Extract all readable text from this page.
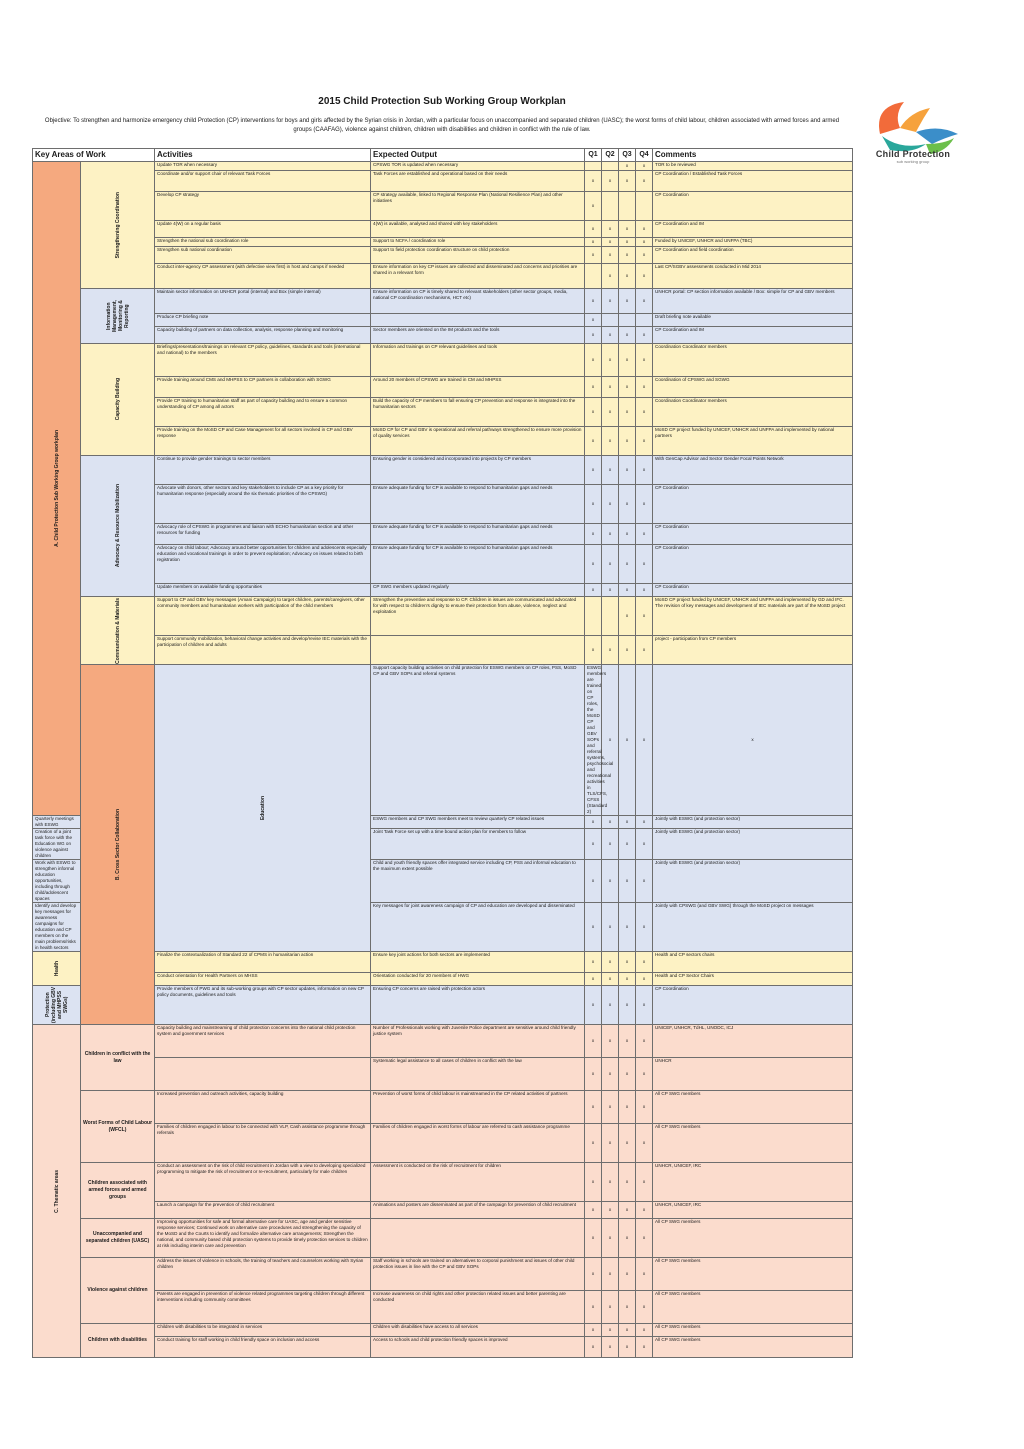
2015 Child Protection Sub Working Group Workplan
Objective: To strengthen and harmonize emergency child Protection (CP) interventions for boys and girls affected by the Syrian crisis in Jordan, with a particular focus on unaccompanied and separated children (UASC); the worst forms of child labour, children associated with armed forces and armed groups (CAAFAG), violence against children, children with disabilities and children in conflict with the rule of law.
Child Protection
sub working group
Key Areas of Work		Activities	Expected Output	Q1	Q2	Q3	Q4	Comments	

A. Child Protection Sub Working Group workplan	Strengthening Coordination	Update TOR when necessary	CPSWG TOR is updated when necessary			x	x	TOR to be reviewed	
		Coordinate and/or support chair of relevant Task Forces	Task Forces are established and operational based on their needs	x	x	x	x	CP Coordination / Established Task Forces	
		Develop CP strategy	CP strategy available, linked to Regional Response Plan (National Resilience Plan) and other initiatives	x				CP Coordination	
		Update 4(W) on a regular basis	4(W) is available, analysed and shared with key stakeholders	x	x	x	x	CP Coordination and IM	
		Strengthen the national sub coordination role	Support to NCFA / coordination role	x	x	x	x	Funded by UNICEF, UNHCR and UNFPA (TBC)	
		Strengthen sub national coordination	Support to field protection coordination structure on child protection	x	x	x	x	CP Coordination and field coordination	
		Conduct inter-agency CP assessment (with defective view first) in host and camps if needed	Ensure information on key CP issues are collected and disseminated and concerns and priorities are shared in a relevant form		x	x	x	Last CP/SGBV assessments conducted in Mid 2014	

	Information Management, Monitoring & Reporting	Maintain sector information on UNHCR portal (internal) and Box (simple internal)	Ensure information on CP is timely shared to relevant stakeholders (other sector groups, media, national CP coordination mechanisms, HCT etc)	x	x	x	x	UNHCR portal: CP section information available / Box: simple for CP and GBV members	
		Produce CP briefing note		x				Draft briefing note available	
		Capacity building of partners on data collection, analysis, response planning and monitoring	Sector members are oriented on the IM products and the tools	x	x	x	x	CP Coordination and IM	

	Capacity Building	Briefings/presentations/trainings on relevant CP policy, guidelines, standards and tools (international and national) to the members	Information and trainings on CP relevant guidelines and tools	x	x	x	x	Coordination Coordinator members	
		Provide training around CMS and MHPSS to CP partners in collaboration with SGWG	Around 20 members of CPSWG are trained in CM and MHPSS	x	x	x	x	Coordination of CPSWG and SGWG	
		Provide CP training to humanitarian staff as part of capacity building and to ensure a common understanding of CP among all actors	Build the capacity of CP members to fall ensuring CP prevention and response is integrated into the humanitarian sectors	x	x	x	x	Coordination Coordinator members	
		Provide training on the MoSD CP and Case Management for all sectors involved in CP and GBV response	MoSD CP for CP and GBV is operational and referral pathways strengthened to ensure more provision of quality services	x	x	x	x	MoSD CP project funded by UNICEF, UNHCR and UNFPA and implemented by national partners	

	Advocacy & Resource Mobilization	Continue to provide gender trainings to sector members	Ensuring gender is considered and incorporated into projects by CP members	x	x	x	x	With GenCap Advisor and Sector Gender Focal Points Network	
		Advocate with donors, other sectors and key stakeholders to include CP as a key priority for humanitarian response (especially around the six thematic priorities of the CPSWG)	Ensure adequate funding for CP is available to respond to humanitarian gaps and needs	x	x	x	x	CP Coordination	
		Advocacy role of CPSWG in programmes and liaison with ECHO humanitarian section and other resources for funding	Ensure adequate funding for CP is available to respond to humanitarian gaps and needs	x	x	x	x	CP Coordination	
		Advocacy on child labour; Advocacy around better opportunities for children and adolescents especially education and vocational trainings in order to prevent exploitation; Advocacy on issues related to birth registration	Ensure adequate funding for CP is available to respond to humanitarian gaps and needs	x	x	x	x	CP Coordination	
		Update members on available funding opportunities	CP SWG members updated regularly	x	x	x	x	CP Coordination	

	Communication & Materials	Support to CP and GBV key messages (Amani Campaign) to target children, parents/caregivers, other community members and humanitarian workers with participation of the child members	Strengthen the preventive and response to CP. Children in issues are communicated and advocated for with respect to children's dignity to ensure their protection from abuse, violence, neglect and exploitation			x	x	MoSD CP project funded by UNICEF, UNHCR and UNFPA and implemented by GD and IFC. The revision of key messages and development of IEC materials are part of the MoSD project	
		Support community mobilization, behavioral change activities and develop/revise IEC materials with the participation of children and adults		x	x	x	x	project - participation from CP members	

	B. Cross Sector Collaboration	Education	Support capacity building activities on child protection for ESWG members on CP roles, PSS, MoSD CP and GBV SOPs and referral systems	ESWG members are trained on CP roles, the MoSD CP and GBV SOPs and referral systems, psychosocial and recreational activities in TLS/CFS, CFSS (Standard 2)	x	x	x	x	
Quarterly meetings with ESWG			ESWG members and CP SWG members meet to review quarterly CP related issues	x	x	x	x	Jointly with ESWG (and protection sector)	
Creation of a joint task force with the Education WG on violence against children			Joint Task Force set up with a time bound action plan for members to follow	x	x	x	x	Jointly with ESWG (and protection sector)	
Work with ESWG to strengthen informal education opportunities, including through child/adolescent spaces			Child and youth friendly spaces offer integrated service including CP, PSS and informal education to the maximum extent possible	x	x	x	x	Jointly with ESWG (and protection sector)	
Identify and develop key messages for awareness campaigns for education and CP members on the main problems/risks in health sectors			Key messages for joint awareness campaign of CP and education are developed and disseminated	x	x	x	x	Jointly with CPSWG (and GBV SWG) through the MoSD project on messages	

Health		Finalize the contextualization of Standard 22 of CPMS in humanitarian action	Ensure key joint actions for both sectors are implemented	x	x	x	x	Health and CP sectors chairs	
		Conduct orientation for Health Partners on MHSS	Orientation conducted for 20 members of HWG	x	x	x	x	Health and CP Sector Chairs	

Protection (including GBV and MHPSS SWGs)		Provide members of PWG and its sub-working groups with CP sector updates, information on new CP policy documents, guidelines and tools	Ensuring CP concerns are raised with protection actors	x	x	x	x	CP Coordination	

C. Thematic areas	Children in conflict with the law	Capacity building and mainstreaming of child protection concerns into the national child protection system and government services	Number of Professionals working with Juvenile Police department are sensitive around child friendly justice system	x	x	x	x	UNICEF, UNHCR, TdHL, UNODC, ICJ	
			Systematic legal assistance to all cases of children in conflict with the law	x	x	x	x	UNHCR	

	Worst Forms of Child Labour (WFCL)	Increased prevention and outreach activities, capacity building	Prevention of worst forms of child labour is mainstreamed in the CP related activities of partners	x	x	x	x	All CP SWG members	
		Families of children engaged in labour to be connected with VLP, Cash assistance programme through referrals	Families of children engaged in worst forms of labour are referred to cash assistance programme	x	x	x	x	All CP SWG members	

	Children associated with armed forces and armed groups	Conduct an assessment on the risk of child recruitment in Jordan with a view to developing specialized programming to mitigate the risk of recruitment or re-recruitment, particularly for male children	Assessment is conducted on the risk of recruitment for children	x	x	x	x	UNHCR, UNICEF, IRC	
		Launch a campaign for the prevention of child recruitment	Animations and posters are disseminated as part of the campaign for prevention of child recruitment	x	x	x	x	UNHCR, UNICEF, IRC	

	Unaccompanied and separated children (UASC)	Improving opportunities for safe and formal alternative care for UASC, age and gender sensitive response services; Continued work on alternative care procedures and strengthening the capacity of the MoSD and the Courts to identify and formalize alternative care arrangements; Strengthen the national, and community based child protection systems to provide timely protection services to children at risk including interim care and prevention		x	x	x	x	All CP SWG members	

	Violence against children	Address the issues of violence in schools, the training of teachers and counselors working with Syrian children	Staff working in schools are trained on alternatives to corporal punishment and issues of other child protection issues in line with the CP and GBV SOPs	x	x	x	x	All CP SWG members	
		Parents are engaged in prevention of violence related programmes targeting children through different interventions including community committees	Increase awareness on child rights and other protection related issues and better parenting are conducted	x	x	x	x	All CP SWG members	

	Children with disabilities	Children with disabilities to be integrated in services	Children with disabilities have access to all services	x	x	x	x	All CP SWG members	
		Conduct training for staff working in child friendly space on inclusion and access	Access to schools and child protection friendly spaces is improved	x	x	x	x	All CP SWG members	
